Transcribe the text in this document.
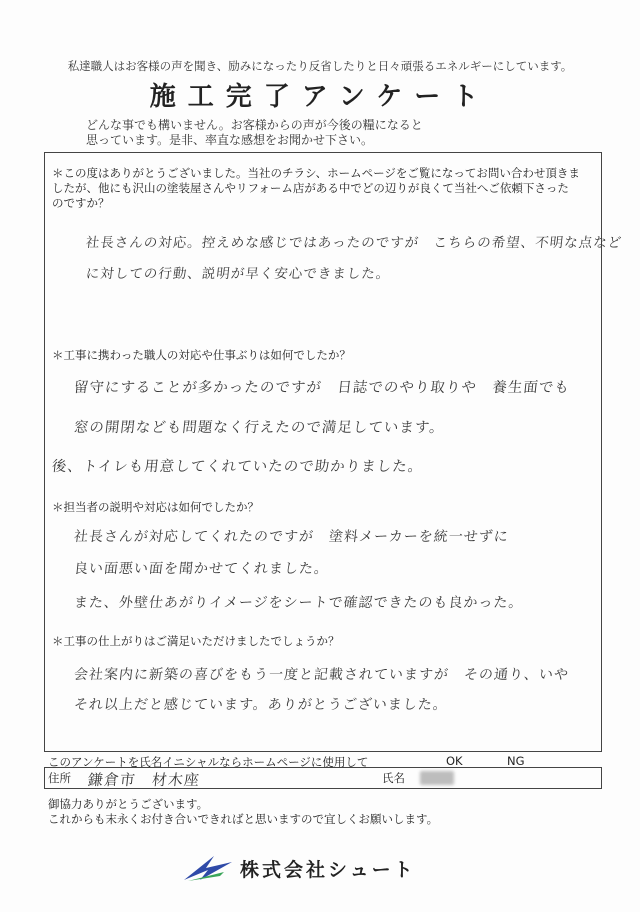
私達職人はお客様の声を聞き、励みになったり反省したりと日々頑張るエネルギーにしています。
施工完了アンケート
どんな事でも構いません。お客様からの声が今後の糧になると
思っています。是非、率直な感想をお聞かせ下さい。
＊この度はありがとうございました。当社のチラシ、ホームページをご覧になってお問い合わせ頂きま
したが、他にも沢山の塗装屋さんやリフォーム店がある中でどの辺りが良くて当社へご依頼下さった
のですか？
社長さんの対応。控えめな感じではあったのですが　こちらの希望、不明な点など
に対しての行動、説明が早く安心できました。
＊工事に携わった職人の対応や仕事ぶりは如何でしたか？
留守にすることが多かったのですが　日誌でのやり取りや　養生面でも
窓の開閉なども問題なく行えたので満足しています。
後、トイレも用意してくれていたので助かりました。
＊担当者の説明や対応は如何でしたか？
社長さんが対応してくれたのですが　塗料メーカーを統一せずに
良い面悪い面を聞かせてくれました。
また、外壁仕あがりイメージをシートで確認できたのも良かった。
＊工事の仕上がりはご満足いただけましたでしょうか？
会社案内に新築の喜びをもう一度と記載されていますが　その通り、いや
それ以上だと感じています。ありがとうございました。
このアンケートを氏名イニシャルならホームページに使用して	OK	NG
住所 鎌倉市　材木座	氏名
御協力ありがとうございます。
これからも末永くお付き合いできればと思いますので宜しくお願いします。
株式会社シュート
